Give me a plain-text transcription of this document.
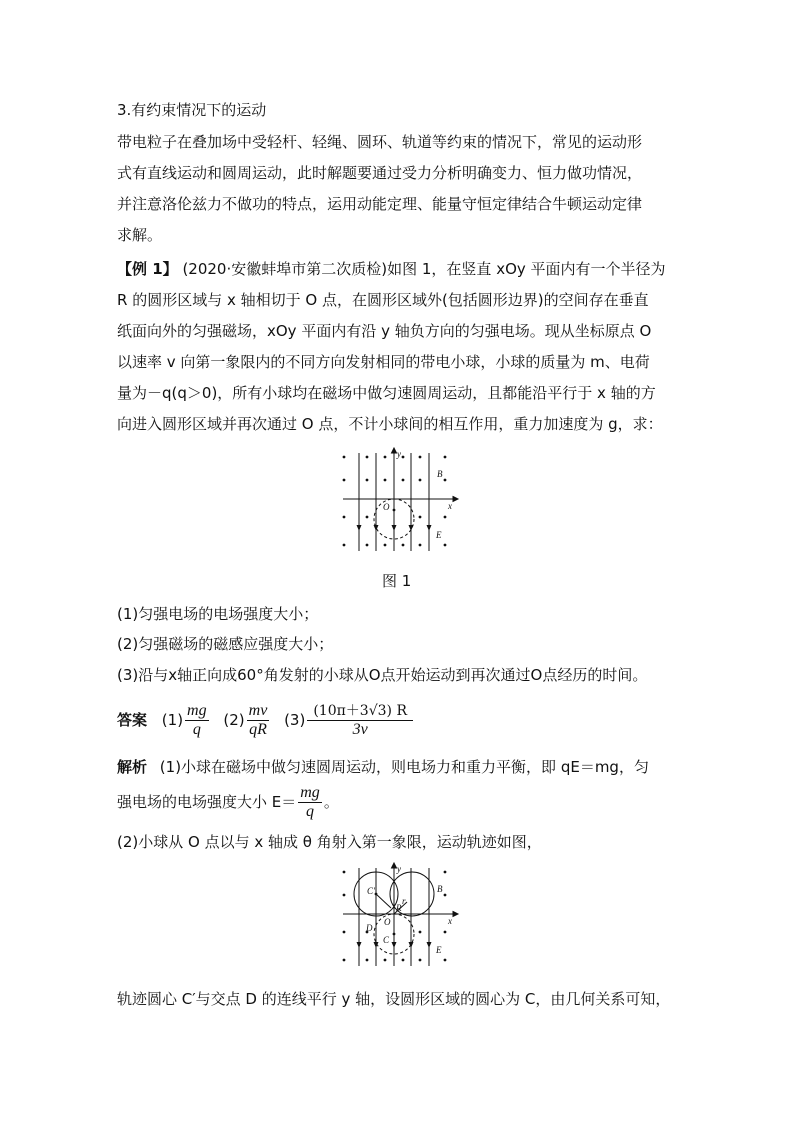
3.有约束情况下的运动
带电粒子在叠加场中受轻杆、轻绳、圆环、轨道等约束的情况下，常见的运动形
式有直线运动和圆周运动，此时解题要通过受力分析明确变力、恒力做功情况，
并注意洛伦兹力不做功的特点，运用动能定理、能量守恒定律结合牛顿运动定律
求解。
【例 1】 (2020·安徽蚌埠市第二次质检)如图 1，在竖直 xOy 平面内有一个半径为
R 的圆形区域与 x 轴相切于 O 点，在圆形区域外(包括圆形边界)的空间存在垂直
纸面向外的匀强磁场，xOy 平面内有沿 y 轴负方向的匀强电场。现从坐标原点 O
以速率 v 向第一象限内的不同方向发射相同的带电小球，小球的质量为 m、电荷
量为－q(q＞0)，所有小球均在磁场中做匀速圆周运动，且都能沿平行于 x 轴的方
向进入圆形区域并再次通过 O 点，不计小球间的相互作用，重力加速度为 g，求：
y
x
O
B
E
图 1
(1)匀强电场的电场强度大小；
(2)匀强磁场的磁感应强度大小；
(3)沿与x轴正向成60°角发射的小球从O点开始运动到再次通过O点经历的时间。
答案 $(1) \frac{mg}{q} (2) \frac{mv}{qR} (3) \frac{(10\pi+3√3) R}{3v}$
解析 (1)小球在磁场中做匀速圆周运动，则电场力和重力平衡，即 qE＝mg，匀
强电场的电场强度大小 $E= \frac{mg}{q}$ 。
(2)小球从 O 点以与 x 轴成 θ 角射入第一象限，运动轨迹如图，
y
x
O
B
E
C′
C
D
R
r
轨迹圆心 C′与交点 D 的连线平行 y 轴，设圆形区域的圆心为 C，由几何关系可知，
